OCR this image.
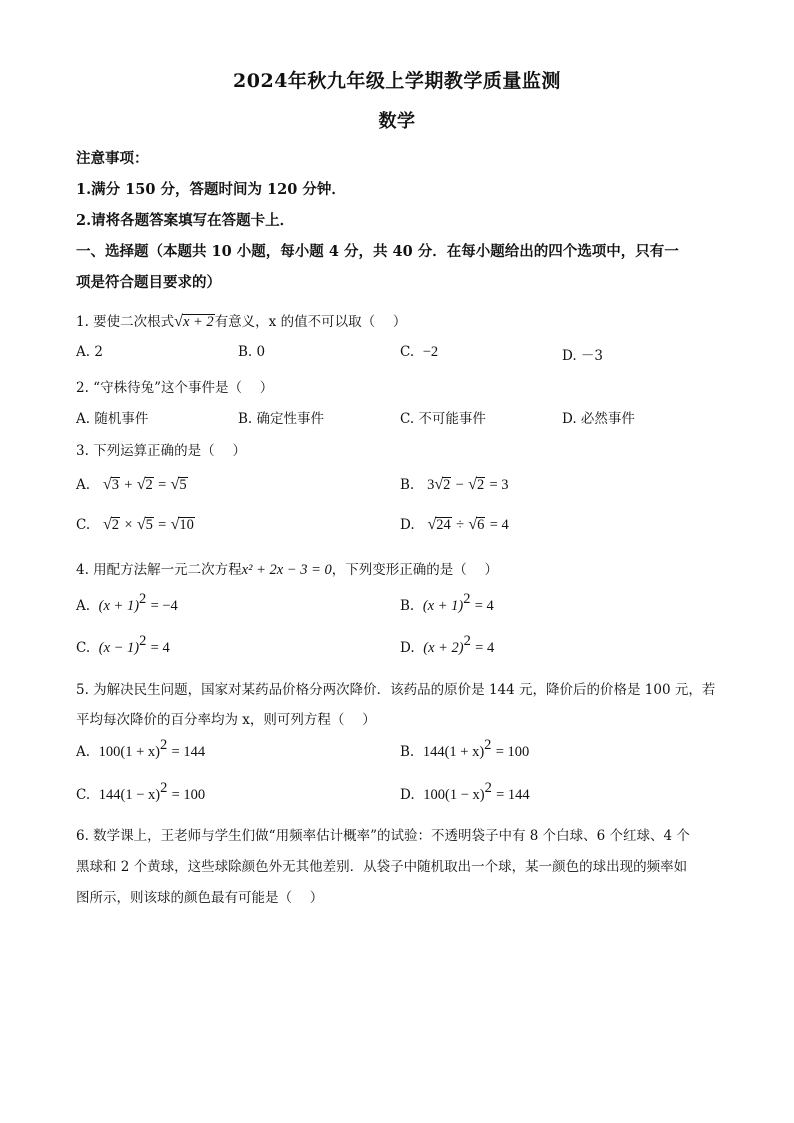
2024年秋九年级上学期教学质量监测
数学
注意事项：
1.满分 150 分，答题时间为 120 分钟．
2.请将各题答案填写在答题卡上．
一、选择题（本题共 10 小题，每小题 4 分，共 40 分．在每小题给出的四个选项中，只有一
项是符合题目要求的）
1. 要使二次根式√x + 2有意义，x 的值不可以取（　 ）
A. 2	B. 0	C. −2	D. －3
2. “守株待兔”这个事件是（　 ）
A. 随机事件	B. 确定性事件	C. 不可能事件	D. 必然事件
3. 下列运算正确的是（　 ）
A. √3 + √2 = √5	B. 3√2 − √2 = 3
C. √2 × √5 = √10	D. √24 ÷ √6 = 4
4. 用配方法解一元二次方程x² + 2x − 3 = 0，下列变形正确的是（　 ）
A. $(x + 1)^2 = -4$	B. $(x + 1)^2 = 4$
C. $(x - 1)^2 = 4$	D. $(x + 2)^2 = 4$
5. 为解决民生问题，国家对某药品价格分两次降价．该药品的原价是 144 元，降价后的价格是 100 元，若
平均每次降价的百分率均为 x，则可列方程（　 ）
A. $100(1 + x)^2 = 144$	B. $144(1 + x)^2 = 100$
C. $144(1 - x)^2 = 100$	D. $100(1 - x)^2 = 144$
6. 数学课上，王老师与学生们做“用频率估计概率”的试验：不透明袋子中有 8 个白球、6 个红球、4 个
黑球和 2 个黄球，这些球除颜色外无其他差别．从袋子中随机取出一个球，某一颜色的球出现的频率如
图所示，则该球的颜色最有可能是（　 ）
